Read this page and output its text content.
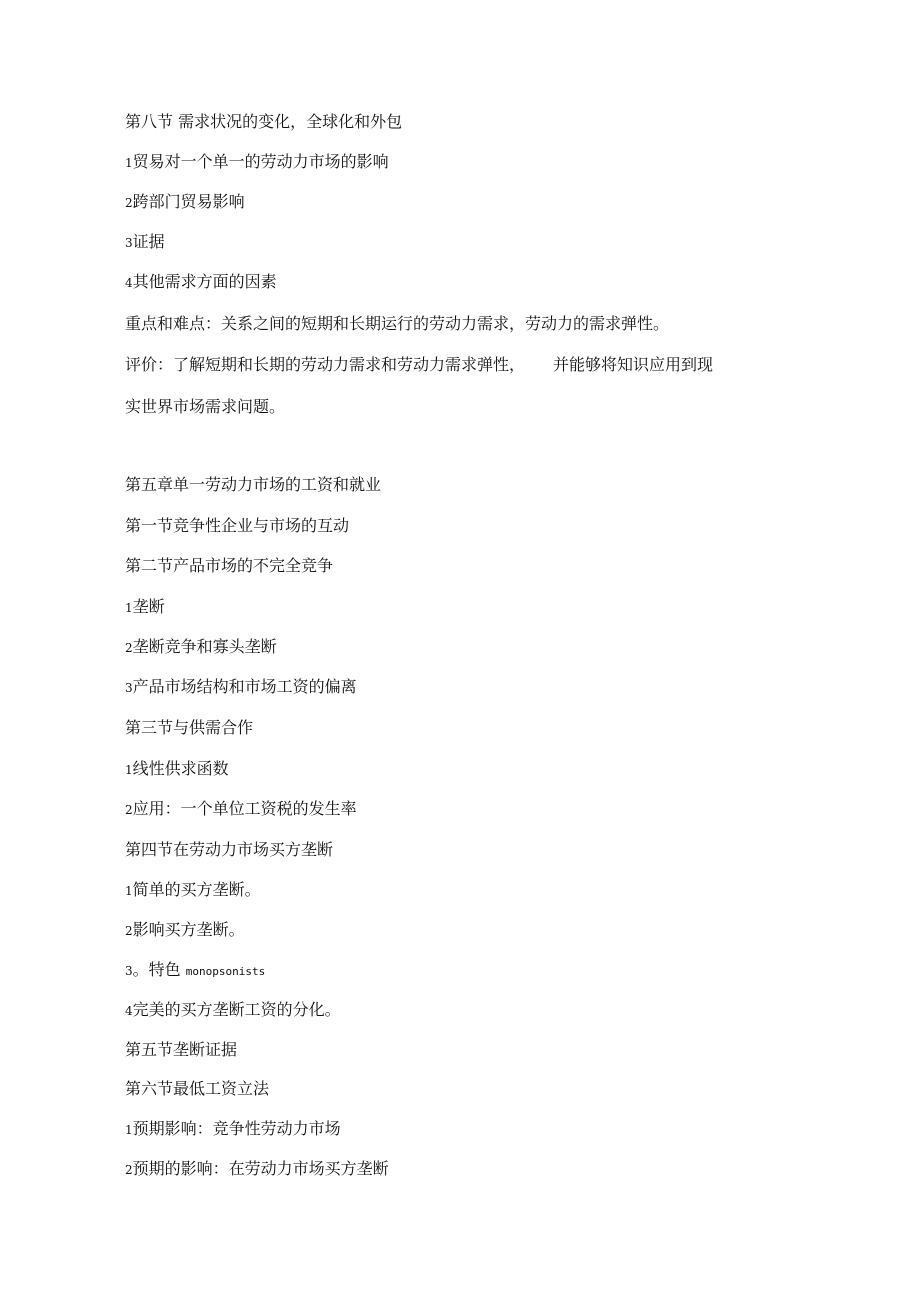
第八节 需求状况的变化，全球化和外包
1贸易对一个单一的劳动力市场的影响
2跨部门贸易影响
3证据
4其他需求方面的因素
重点和难点：关系之间的短期和长期运行的劳动力需求，劳动力的需求弹性。
评价：了解短期和长期的劳动力需求和劳动力需求弹性， 并能够将知识应用到现
实世界市场需求问题。
第五章单一劳动力市场的工资和就业
第一节竞争性企业与市场的互动
第二节产品市场的不完全竞争
1垄断
2垄断竞争和寡头垄断
3产品市场结构和市场工资的偏离
第三节与供需合作
1线性供求函数
2应用：一个单位工资税的发生率
第四节在劳动力市场买方垄断
1简单的买方垄断。
2影响买方垄断。
3。特色 monopsonists
4完美的买方垄断工资的分化。
第五节垄断证据
第六节最低工资立法
1预期影响：竞争性劳动力市场
2预期的影响：在劳动力市场买方垄断
